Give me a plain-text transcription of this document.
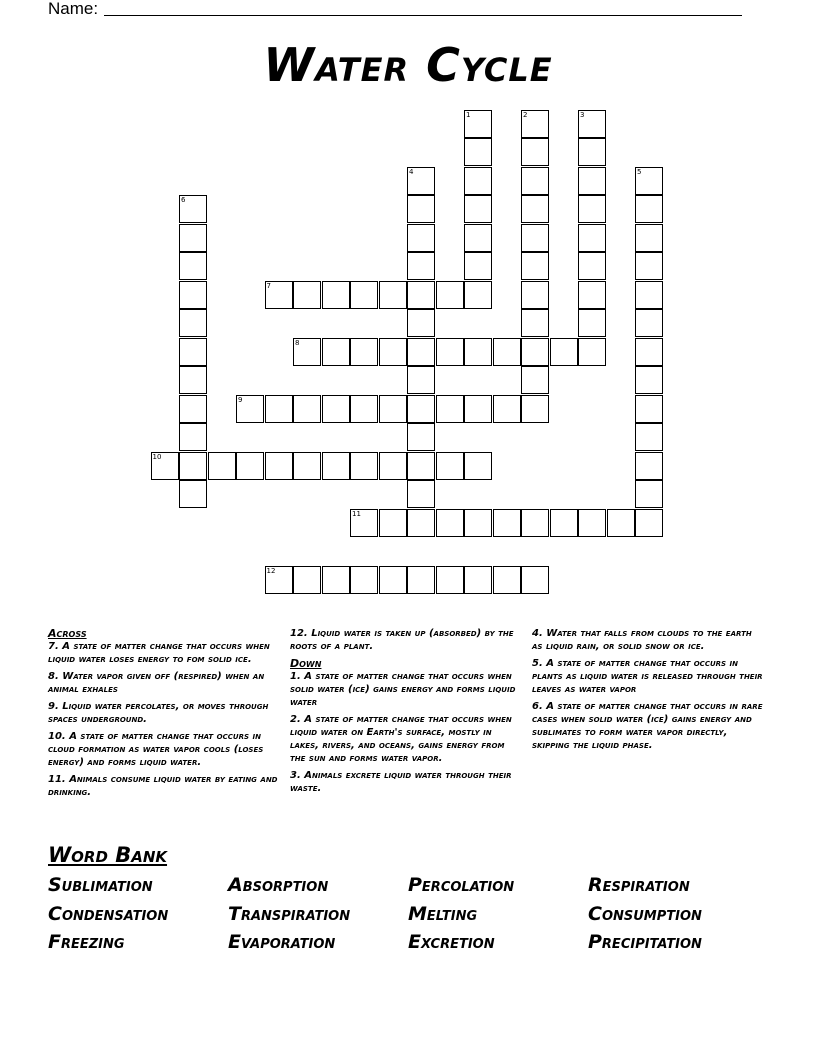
Name:
Water Cycle
1	2	3
4	5
6
7
8
9
10
11
12
Across
7. A state of matter change that occurs when liquid water loses energy to fom solid ice.
8. Water vapor given off (respired) when an animal exhales
9. Liquid water percolates, or moves through spaces underground.
10. A state of matter change that occurs in cloud formation as water vapor cools (loses energy) and forms liquid water.
11. Animals consume liquid water by eating and drinking.
12. Liquid water is taken up (absorbed) by the roots of a plant.
Down
1. A state of matter change that occurs when solid water (ice) gains energy and forms liquid water
2. A state of matter change that occurs when liquid water on Earth's surface, mostly in lakes, rivers, and oceans, gains energy from the sun and forms water vapor.
3. Animals excrete liquid water through their waste.
4. Water that falls from clouds to the earth as liquid rain, or solid snow or ice.
5. A state of matter change that occurs in plants as liquid water is released through their leaves as water vapor
6. A state of matter change that occurs in rare cases when solid water (ice) gains energy and sublimates to form water vapor directly, skipping the liquid phase.
Word Bank
Sublimation	Absorption	Percolation	Respiration
Condensation	Transpiration	Melting	Consumption
Freezing	Evaporation	Excretion	Precipitation
